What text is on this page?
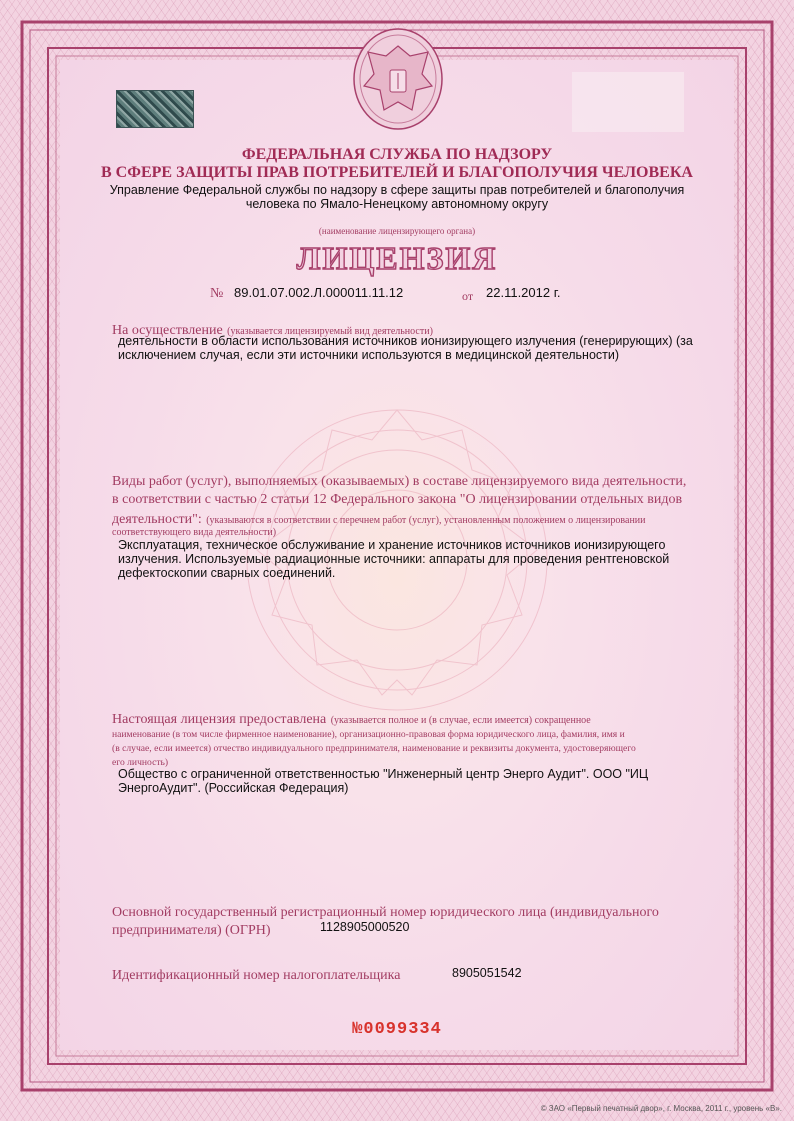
ФЕДЕРАЛЬНАЯ СЛУЖБА ПО НАДЗОРУ
В СФЕРЕ ЗАЩИТЫ ПРАВ ПОТРЕБИТЕЛЕЙ И БЛАГОПОЛУЧИЯ ЧЕЛОВЕКА
Управление Федеральной службы по надзору в сфере защиты прав потребителей и благополучия
человека по Ямало-Ненецкому автономному округу
(наименование лицензирующего органа)
ЛИЦЕНЗИЯ
№ 89.01.07.002.Л.000011.11.12	от 22.11.2012 г.
На осуществление (указывается лицензируемый вид деятельности)
деятельности в области использования источников ионизирующего излучения (генерирующих) (за
исключением случая, если эти источники используются в медицинской деятельности)
Виды работ (услуг), выполняемых (оказываемых) в составе лицензируемого вида деятельности,
в соответствии с частью 2 статьи 12 Федерального закона "О лицензировании отдельных видов
деятельности": (указываются в соответствии с перечнем работ (услуг), установленным положением о лицензировании
соответствующего вида деятельности)
Эксплуатация, техническое обслуживание и хранение источников источников ионизирующего
излучения. Используемые радиационные источники: аппараты для проведения рентгеновской
дефектоскопии сварных соединений.
Настоящая лицензия предоставлена (указывается полное и (в случае, если имеется) сокращенное
наименование (в том числе фирменное наименование), организационно-правовая форма юридического лица, фамилия, имя и
(в случае, если имеется) отчество индивидуального предпринимателя, наименование и реквизиты документа, удостоверяющего
его личность)
Общество с ограниченной ответственностью "Инженерный центр Энерго Аудит". ООО "ИЦ
ЭнергоАудит". (Российская Федерация)
Основной государственный регистрационный номер юридического лица (индивидуального
предпринимателя) (ОГРН)	1128905000520
Идентификационный номер налогоплательщика	8905051542
№0099334
© ЗАО «Первый печатный двор», г. Москва, 2011 г., уровень «В».
